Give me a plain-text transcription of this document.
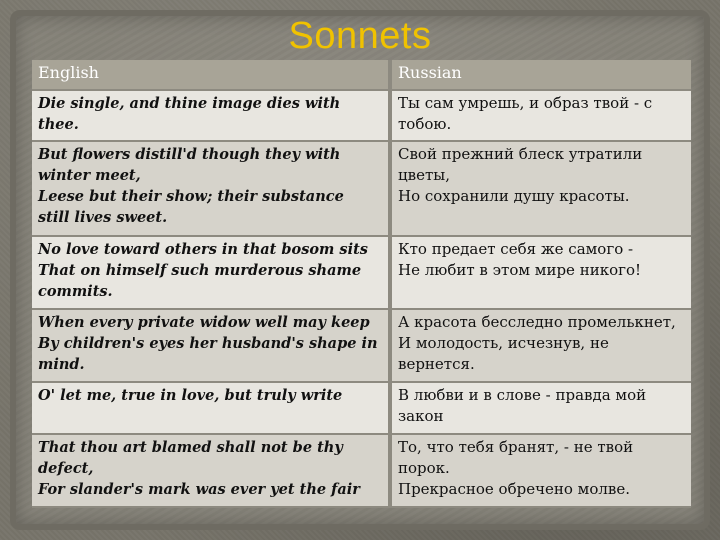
Sonnets
English	Russian

Die single, and thine image dies with
thee.	Ты сам умрешь, и образ твой - с
тобою.

But flowers distill'd though they with
winter meet,
Leese but their show; their substance
still lives sweet.	Свой прежний блеск утратили
цветы,
Но сохранили душу красоты.

No love toward others in that bosom sits
That on himself such murderous shame
commits.	Кто предает себя же самого -
Не любит в этом мире никого!

When every private widow well may keep
By children's eyes her husband's shape in
mind.	А красота бесследно промелькнет,
И молодость, исчезнув, не
вернется.

O' let me, true in love, but truly write	В любви и в слове - правда мой
закон

That thou art blamed shall not be thy
defect,
For slander's mark was ever yet the fair	То, что тебя бранят, - не твой
порок.
Прекрасное обречено молве.
